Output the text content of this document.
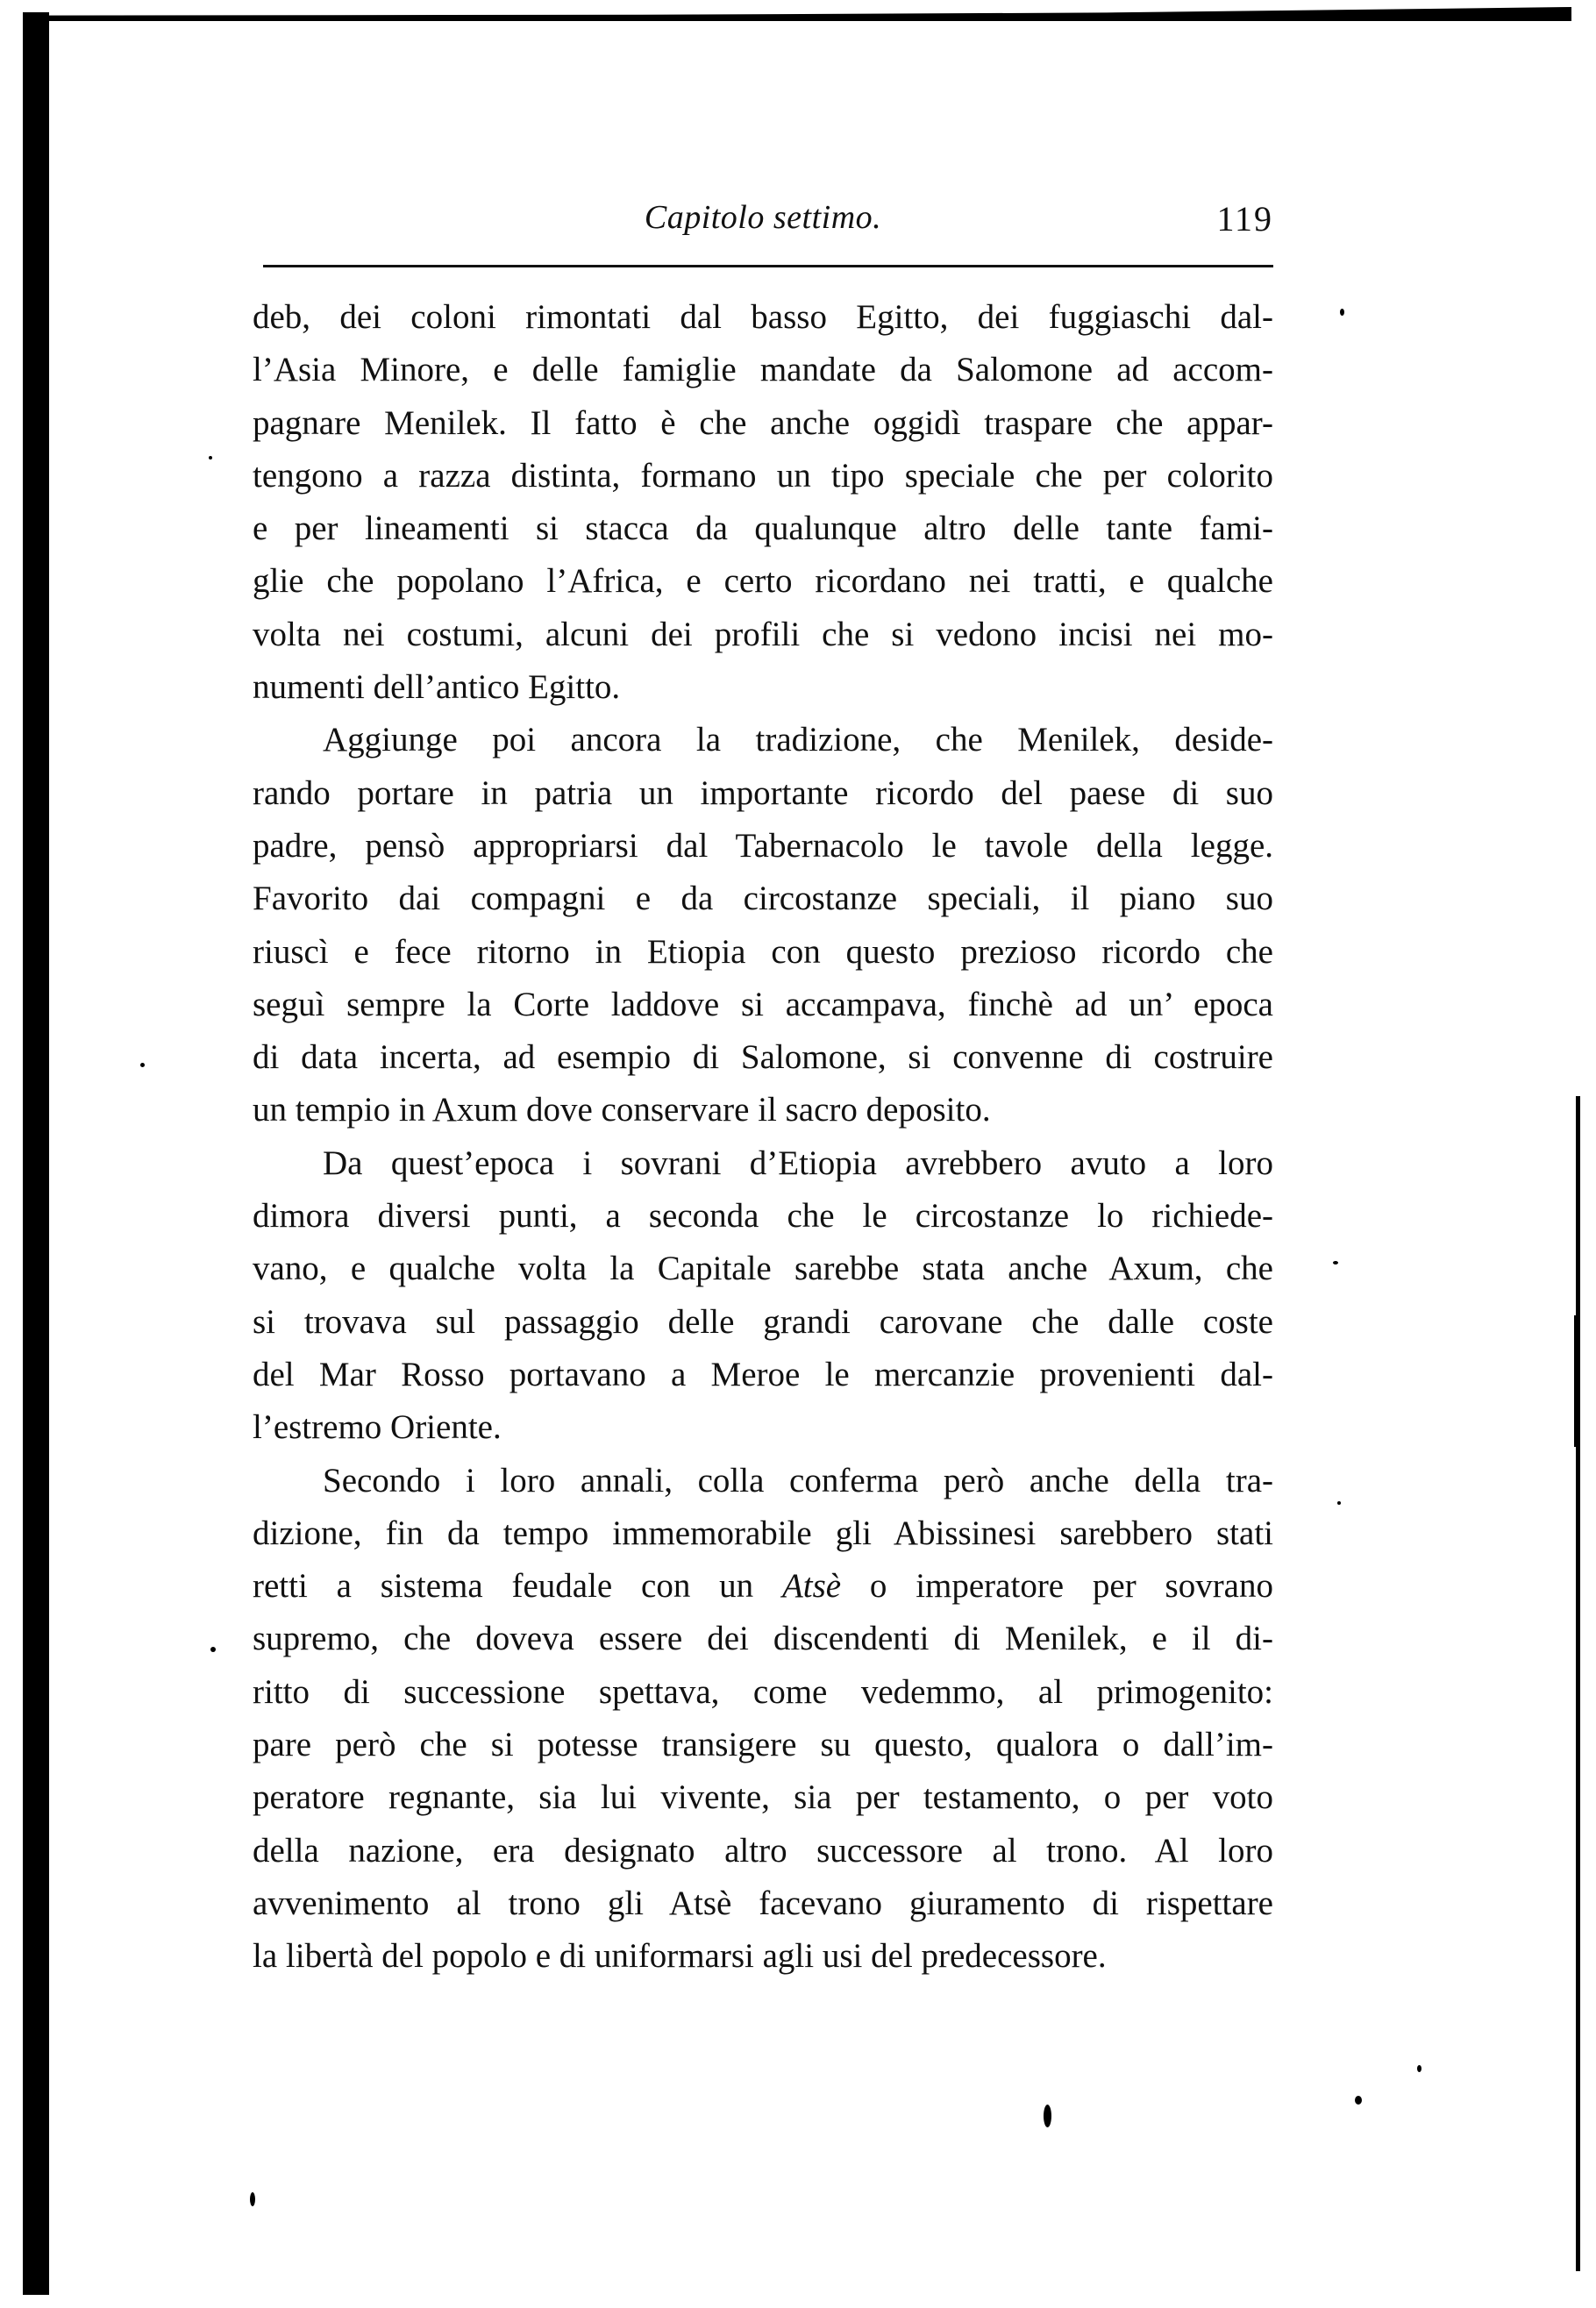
Capitolo settimo.	119
deb, dei coloni rimontati dal basso Egitto, dei fuggiaschi dal-
l’Asia Minore, e delle famiglie mandate da Salomone ad accom-
pagnare Menilek. Il fatto è che anche oggidì traspare che appar-
tengono a razza distinta, formano un tipo speciale che per colorito
e per lineamenti si stacca da qualunque altro delle tante fami-
glie che popolano l’Africa, e certo ricordano nei tratti, e qualche
volta nei costumi, alcuni dei profili che si vedono incisi nei mo-
numenti dell’antico Egitto.
Aggiunge poi ancora la tradizione, che Menilek, deside-
rando portare in patria un importante ricordo del paese di suo
padre, pensò appropriarsi dal Tabernacolo le tavole della legge.
Favorito dai compagni e da circostanze speciali, il piano suo
riuscì e fece ritorno in Etiopia con questo prezioso ricordo che
seguì sempre la Corte laddove si accampava, finchè ad un’ epoca
di data incerta, ad esempio di Salomone, si convenne di costruire
un tempio in Axum dove conservare il sacro deposito.
Da quest’epoca i sovrani d’Etiopia avrebbero avuto a loro
dimora diversi punti, a seconda che le circostanze lo richiede-
vano, e qualche volta la Capitale sarebbe stata anche Axum, che
si trovava sul passaggio delle grandi carovane che dalle coste
del Mar Rosso portavano a Meroe le mercanzie provenienti dal-
l’estremo Oriente.
Secondo i loro annali, colla conferma però anche della tra-
dizione, fin da tempo immemorabile gli Abissinesi sarebbero stati
retti a sistema feudale con un Atsè o imperatore per sovrano
supremo, che doveva essere dei discendenti di Menilek, e il di-
ritto di successione spettava, come vedemmo, al primogenito:
pare però che si potesse transigere su questo, qualora o dall’im-
peratore regnante, sia lui vivente, sia per testamento, o per voto
della nazione, era designato altro successore al trono. Al loro
avvenimento al trono gli Atsè facevano giuramento di rispettare
la libertà del popolo e di uniformarsi agli usi del predecessore.
